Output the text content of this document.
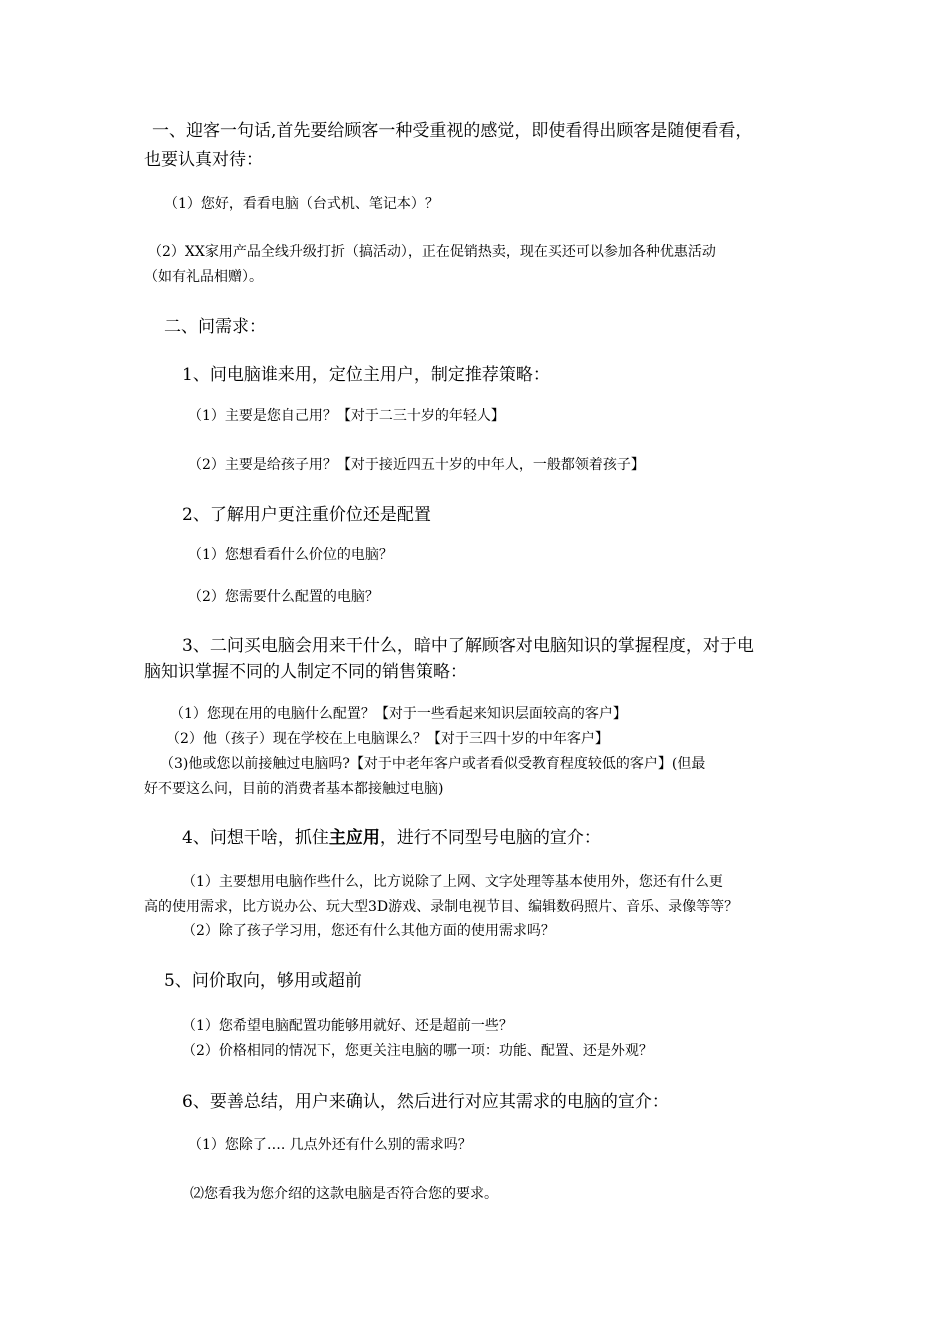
一、迎客一句话,首先要给顾客一种受重视的感觉，即使看得出顾客是随便看看，
也要认真对待：
（1）您好，看看电脑（台式机、笔记本）？
（2）XX家用产品全线升级打折（搞活动），正在促销热卖，现在买还可以参加各种优惠活动
（如有礼品相赠）。
二、问需求：
1、问电脑谁来用，定位主用户，制定推荐策略：
（1）主要是您自己用？【对于二三十岁的年轻人】
（2）主要是给孩子用？【对于接近四五十岁的中年人，一般都领着孩子】
2、了解用户更注重价位还是配置
（1）您想看看什么价位的电脑？
（2）您需要什么配置的电脑？
3、二问买电脑会用来干什么，暗中了解顾客对电脑知识的掌握程度，对于电
脑知识掌握不同的人制定不同的销售策略：
（1）您现在用的电脑什么配置？【对于一些看起来知识层面较高的客户】
（2）他（孩子）现在学校在上电脑课么？【对于三四十岁的中年客户】
（3)他或您以前接触过电脑吗?【对于中老年客户或者看似受教育程度较低的客户】(但最
好不要这么问，目前的消费者基本都接触过电脑)
4、问想干啥，抓住主应用，进行不同型号电脑的宣介：
（1）主要想用电脑作些什么，比方说除了上网、文字处理等基本使用外，您还有什么更
高的使用需求，比方说办公、玩大型3D游戏、录制电视节目、编辑数码照片、音乐、录像等等？
（2）除了孩子学习用，您还有什么其他方面的使用需求吗？
5、问价取向，够用或超前
（1）您希望电脑配置功能够用就好、还是超前一些？
（2）价格相同的情况下，您更关注电脑的哪一项：功能、配置、还是外观？
6、要善总结，用户来确认，然后进行对应其需求的电脑的宣介：
（1）您除了…. 几点外还有什么别的需求吗？
⑵您看我为您介绍的这款电脑是否符合您的要求。
